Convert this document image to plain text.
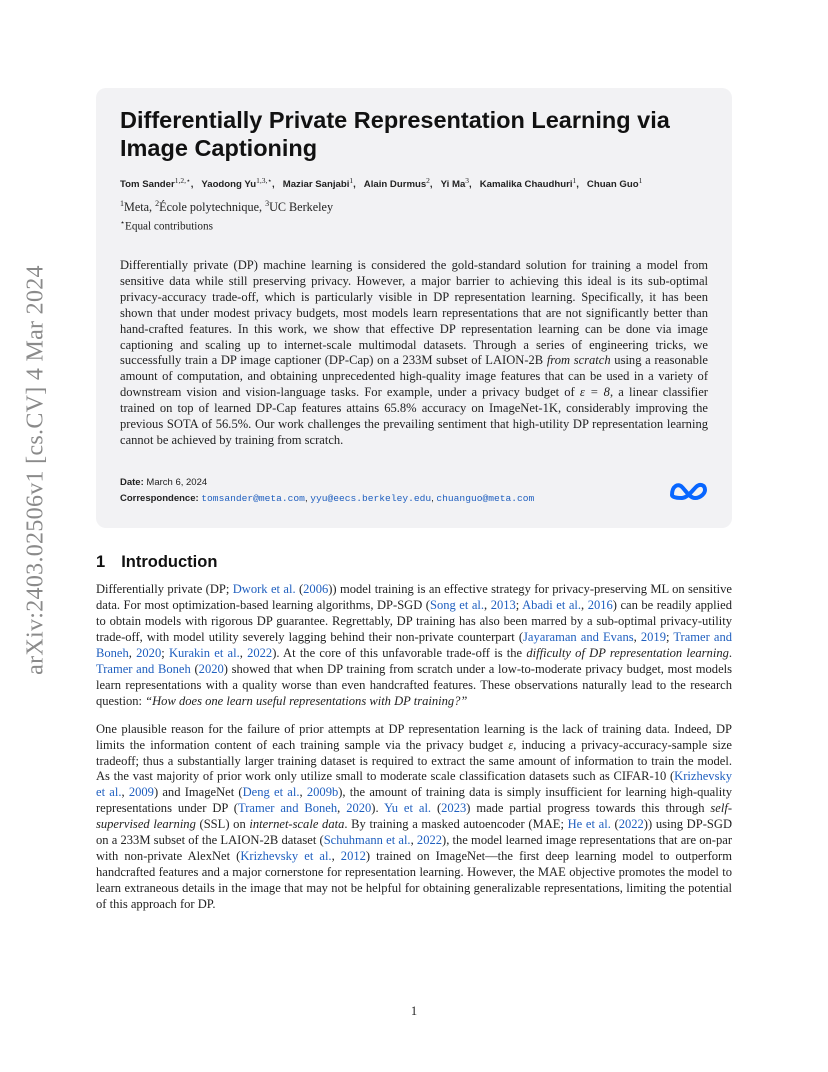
arXiv:2403.02506v1 [cs.CV] 4 Mar 2024
Differentially Private Representation Learning via Image Captioning
Tom Sander$^{1,2,⋆}$, Yaodong $Yu^{1,3,⋆}$, Maziar Sanjabi$^1$, Alain Durmus$^2$, Yi Ma$^3$, Kamalika Chaudhuri$^1$, Chuan Guo$^1$
$^1$Meta, $^2$École polytechnique, $^3$UC Berkeley
⋆Equal contributions
Differentially private (DP) machine learning is considered the gold-standard solution for training a model from sensitive data while still preserving privacy. However, a major barrier to achieving this ideal is its sub-optimal privacy-accuracy trade-off, which is particularly visible in DP representation learning. Specifically, it has been shown that under modest privacy budgets, most models learn representations that are not significantly better than hand-crafted features. In this work, we show that effective DP representation learning can be done via image captioning and scaling up to internet-scale multimodal datasets. Through a series of engineering tricks, we successfully train a DP image captioner (DP-Cap) on a 233M subset of LAION-2B from scratch using a reasonable amount of computation, and obtaining unprecedented high-quality image features that can be used in a variety of downstream vision and vision-language tasks. For example, under a privacy budget of ε = 8, a linear classifier trained on top of learned DP-Cap features attains 65.8% accuracy on ImageNet-1K, considerably improving the previous SOTA of 56.5%. Our work challenges the prevailing sentiment that high-utility DP representation learning cannot be achieved by training from scratch.
Date: March 6, 2024
Correspondence: tomsander@meta.com, yyu@eecs.berkeley.edu, chuanguo@meta.com
1 Introduction

Differentially private (DP; Dwork et al. (2006)) model training is an effective strategy for privacy-preserving ML on sensitive data. For most optimization-based learning algorithms, DP-SGD (Song et al., 2013; Abadi et al., 2016) can be readily applied to obtain models with rigorous DP guarantee. Regrettably, DP training has also been marred by a sub-optimal privacy-utility trade-off, with model utility severely lagging behind their non-private counterpart (Jayaraman and Evans, 2019; Tramer and Boneh, 2020; Kurakin et al., 2022). At the core of this unfavorable trade-off is the difficulty of DP representation learning. Tramer and Boneh (2020) showed that when DP training from scratch under a low-to-moderate privacy budget, most models learn representations with a quality worse than even handcrafted features. These observations naturally lead to the research question: “How does one learn useful representations with DP training?”

One plausible reason for the failure of prior attempts at DP representation learning is the lack of training data. Indeed, DP limits the information content of each training sample via the privacy budget ε, inducing a privacy-accuracy-sample size tradeoff; thus a substantially larger training dataset is required to extract the same amount of information to train the model. As the vast majority of prior work only utilize small to moderate scale classification datasets such as CIFAR-10 (Krizhevsky et al., 2009) and ImageNet (Deng et al., 2009b), the amount of training data is simply insufficient for learning high-quality representations under DP (Tramer and Boneh, 2020). Yu et al. (2023) made partial progress towards this through self-supervised learning (SSL) on internet-scale data. By training a masked autoencoder (MAE; He et al. (2022)) using DP-SGD on a 233M subset of the LAION-2B dataset (Schuhmann et al., 2022), the model learned image representations that are on-par with non-private AlexNet (Krizhevsky et al., 2012) trained on ImageNet—the first deep learning model to outperform handcrafted features and a major cornerstone for representation learning. However, the MAE objective promotes the model to learn extraneous details in the image that may not be helpful for obtaining generalizable representations, limiting the potential of this approach for DP.

1
